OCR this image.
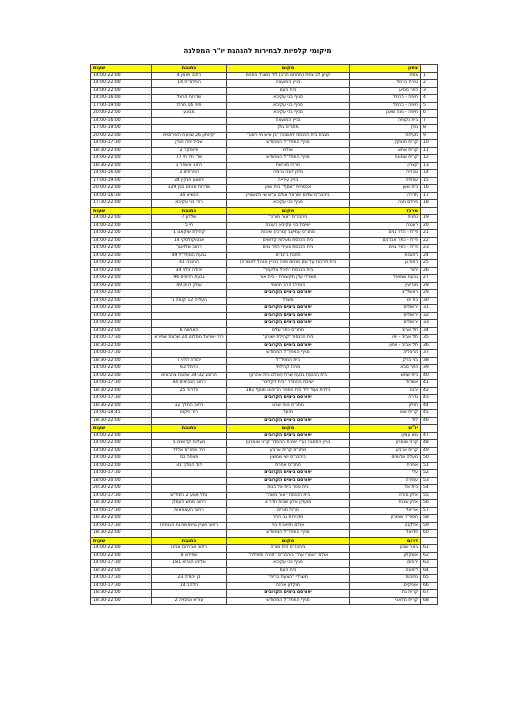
מיקומי קלפיות לבחירות להנהגת יו"ר המפלגה
	צפון	מקום	כתובת	שעות
1	צפת	קניון לב צפת (מתחם הרב) ליד משרד הפנים	רחוב ויצמן 4	14:00-22:00
2	טירת כרמל	בניין המועצה	הפלמ"ח 14	14:00-22:00
3	כפר סמיע	בית העם		14:00-22:00
4	חיפה - כרמל	סניף בני עקיבא	שדרות הרצל	14:00-16:00
5	חיפה - כרמל	סניף בני עקיבא	סיני 16 מרכז	17:00-19:00
6	חיפה - נווה שאנן	סניף בני עקיבא	מבצע	20:00-22:00
7	בית נקופה	בניין המועצה		14:00-16:00
8	גולן	מתנ"ס גולן		17:00-19:00
9	מעלות	מגבת בית הכנסת לאשכנז "בן איש חי רשע"	יקינתון 26 שכונת האירוסים	20:00-22:00
10	קרית מוצקין	סניף המפד"ל המחודש	שביל יפה הגדן	14:00-17:30
11	קרית אתא	אולם	פינסקר 2	18:30-22:00
12	קרית שמונה	סניף המפד"ל המחודש	שד' תל חי 77	14:00-22:00
13	קצרין	מרכז מורשת	רחוב אשחר 1	18:30-22:00
14	טבריה	מלון דונה גרציה	הפרחים 3	14:00-16:00
15	עפולה	בניין עירייה	יהושע חנקין 34	17:00-19:00
16	בית שאן	אכסניית "אסף" בית שאן	שדרות מנחם בגין 129	20:00-22:00
17	חדרה	ביהכנ"ס שלום ישראל אולם ע"ש שי ולנשטיין	הנשיא 34	14:00-16:30
18	פרדס חנה	סניף בני עקיבא	רח' בני עקיבא	17:30-22:00
	מרכז	מקום	כתובת	שעות
19	נתניה	ביהכנ"ס "אור תורה"	שלדון 7	14:00-22:00
20	רעננה	ישיבת בני עקיבא רעננה	חי 5	14:00-22:00
21	פ"ת - הדר גנים	מתנ"ס עמישב (מרכז) שיבות	קהילת שיקאגו 1	14:00-22:00
22	פ"ת - כפר אברהם	בית הכנסת מעלות קדושים	אנטוקולסקי 14	14:00-22:00
23	פ"ת - כפר גנים	בית הכנסת צעירי כפר גנים	רחוב שלזינגר	14:00-22:00
24	רחובות	תחנת ג'ינג'ים	גבעת המפד"ל 49	14:00-22:00
25	רמת גן	בית תרבות על שם מנחם סויה (בניין מנהל לאשרה)	ההגנה 41	14:00-22:00
26	יהוד	בית הכנסת "היכל אליעזר"	יהודה הלוי 34	14:00-22:00
27	גבעת שמואל	משרדי עדן תקשורת - בית אור	גבעת הזיתים 96	14:00-22:00
28	מודיעין	המרכז הרב תחומי	עמק דותן 49	14:00-22:00
29	ראשל"צ	יפורסם בימים הקרובים		14:00-22:00
30	בת ים	משרד	העליה 12 קומה ג'	14:00-22:00
31	ירושלים	יפורסם בימים הקרובים		14:00-22:00
32	ירושלים	יפורסם בימים הקרובים		14:00-22:00
33	ירושלים	יפורסם בימים הקרובים		14:00-22:00
34	תל אביב	מתנ"ס כפר שלם	האחווה 6	14:00-22:00
35	תל אביב - יפו	בית הכנסת "קהילת ישורון"	רח' ישראל מסלנט 24 שכונת שפירא	14:00-17:30
36	תל אביב - צפון	יפורסם בימים הקרובים		18:30-22:00
37	הרצליה	סניף המפד"ל המחודש		14:00-17:30
38	בני ברק	בית המפד"ל	יהודה הלוי 7	18:30-22:00
39	כפר סבא	מרכז קהילתי	כרמל 63	14:00-22:00
40	בית שמש	בית הכנסת גבעת שרת (אולם בית אהרון)	הרצוג 34-32 שכונת צהבונים	14:00-22:00
41	אשדוד	ישיבת ההסדר "בית דקלים"	רחוב הנביאים 44	14:00-17:30
42	יבנה	כלנית ועוד ליד בית הספר הריהוט מוסף 181	הדרור 25	18:30-22:00
43	גדרה	יפורסם בימים הקרובים		14:00-17:30
44	חולון	מתנ"ס נווה שבט	רחוב המלך 12	18:30-22:00
45	קרית אונו	מועד	רח' פקוס	14:00-18:45
46	לוד	יפורסם בימים הקרובים		18:30-22:00
	יו"ש	מקום	כתובת	שעות
47	גוש עציון	יפורסם בימים הקרובים		14:00-22:00
48	קרני שומרון	בניין הפסגה (ע"י ישיבת ההסדר קרני שומרון)	מעלות קדושים 5	14:00-22:00
49	קרית ארבע	מתנ"ס קרית ארבע	רח' מתנ"ס אלדד	14:00-22:00
50	מעלה אדומים	ביהכנ"ס ישי שמשון	מצפה נבו	14:00-22:00
51	אפרת	מתנ"ס אפרת	דוד המלך 31	14:00-22:00
52	עלי	יפורסם בימים הקרובים		14:00-17:30
53	עופרה	יפורסם בימים הקרובים		18:00-20:00
54	בית אל	בית ספר בית אל בנות		20:30-22:00
55	אלון מורה	בית הכנסת "אור משה"	נחל מטע 2 רמפ"ש	14:00-17:30
56	אלון שבות	מועדון אלון שבות חדר 3	רחוב ממש העמק	18:30-22:00
57	אריאל	מרכז מורים	רחוב העצמאות	14:00-17:30
58	חספ"ר שומרון	מזכירות גב ההר		18:30-22:00
59	אלקנה	אולם תפארת בני	רחוב מעיין גנים(שכונת הגנחת)	14:00-17:30
60	פדואל	סניף המפד"ל המחודש		18:30-22:00
	דרום	מקום	כתובת	שעות
61	באר שבע	ביהכנ"ס בית מורה	רחוב אברהם אבינו	14:00-22:00
62	אשקלון	אולם "אמרי עול" ביהכנ"ס "תורה ותפילה"	שפירא 6	14:00-22:00
63	ירוחם	סניף בני עקיבא	אליהו הנביא 181	14:00-17:30
64	דימונה	בית העם		18:30-22:00
65	נתיבות	משרדי "הצעת ברית"	בן יהודה 23	14:00-17:30
66	אופקים	מוקדון ארנת	הלהב 14	14:00-17:30
67	קרית גת	יפורסם בימים הקרובים		18:30-22:00
68	קרית מלאכי	סניף המפד"ל המחודש	עזרא ונחמיה 2	18:30-22:00
